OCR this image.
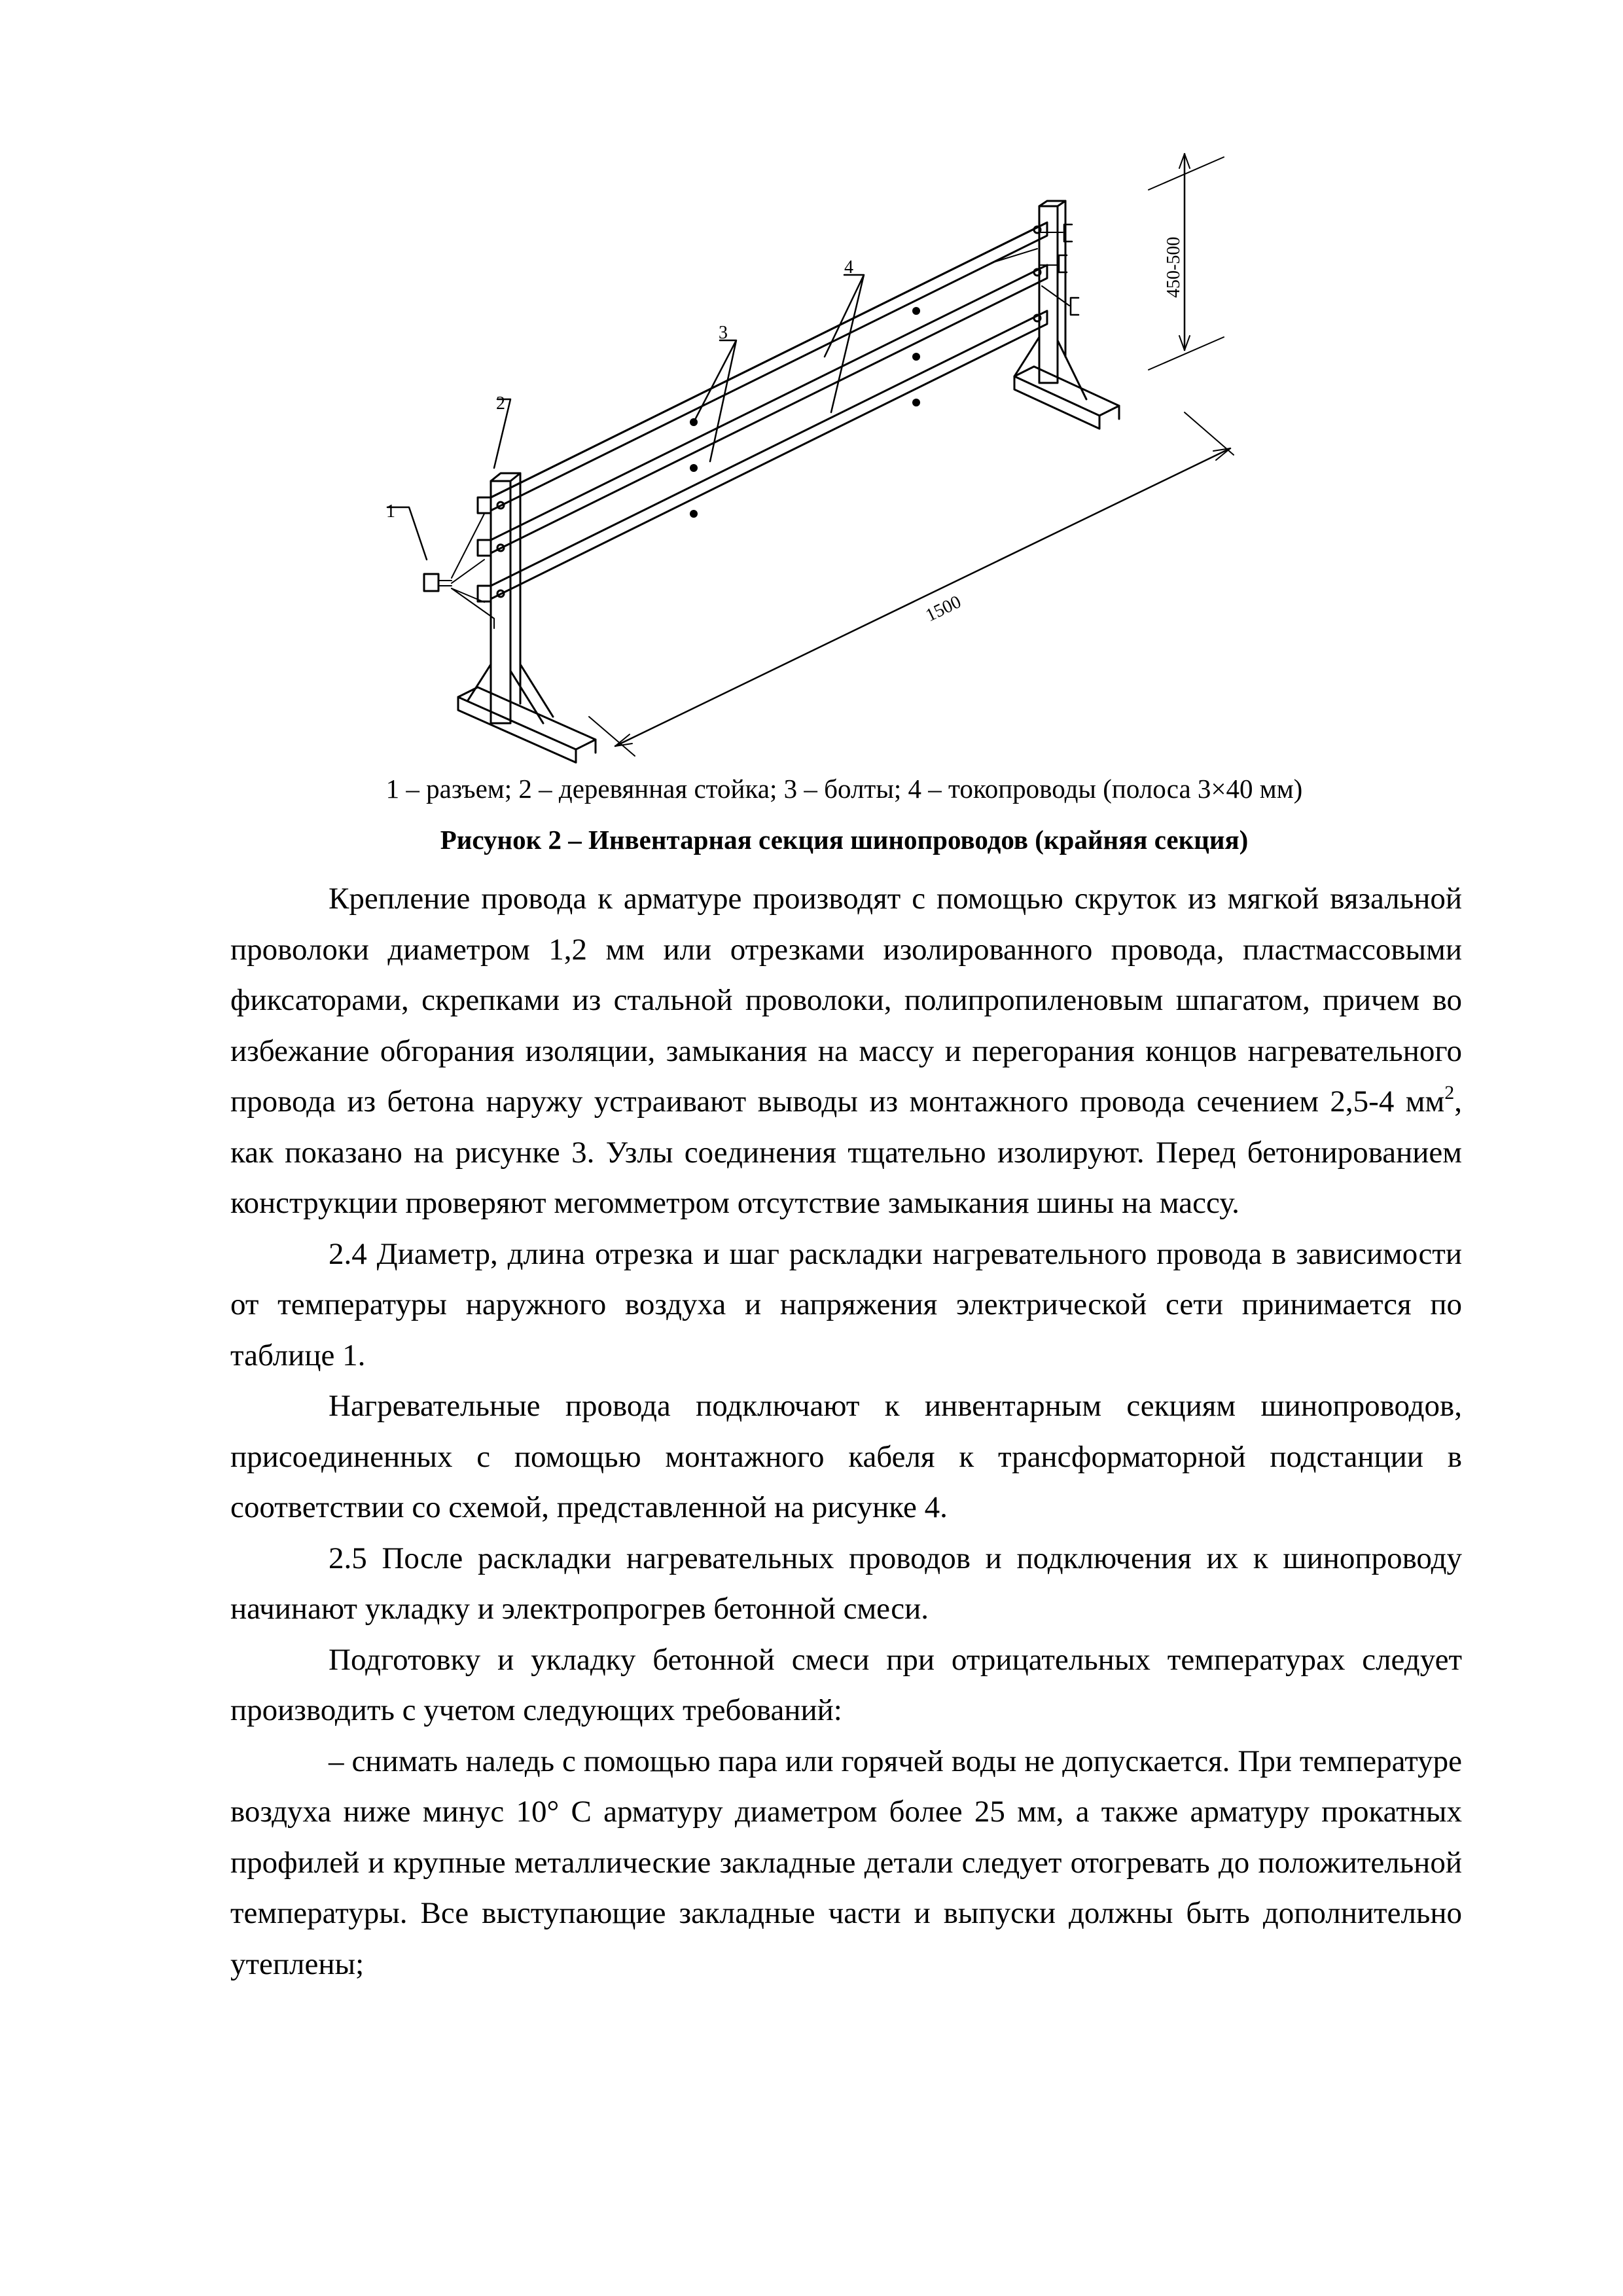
1
2
3
4
1500
450-500
1 – разъем; 2 – деревянная стойка; 3 – болты; 4 – токопроводы (полоса 3×40 мм)
Рисунок 2 – Инвентарная секция шинопроводов (крайняя секция)

Крепление провода к арматуре производят с помощью скруток из мягкой вязальной проволоки диаметром 1,2 мм или отрезками изолированного провода, пластмассовыми фиксаторами, скрепками из стальной проволоки, полипропиленовым шпагатом, причем во избежание обгорания изоляции, замыкания на массу и перегорания концов нагревательного провода из бетона наружу устраивают выводы из монтажного провода сечением 2,5-4 $мм^2$, как показано на рисунке 3. Узлы соединения тщательно изолируют. Перед бетонированием конструкции проверяют мегомметром отсутствие замыкания шины на массу.

2.4 Диаметр, длина отрезка и шаг раскладки нагревательного провода в зависимости от температуры наружного воздуха и напряжения электрической сети принимается по таблице 1.

Нагревательные провода подключают к инвентарным секциям шинопроводов, присоединенных с помощью монтажного кабеля к трансформаторной подстанции в соответствии со схемой, представленной на рисунке 4.

2.5 После раскладки нагревательных проводов и подключения их к шинопроводу начинают укладку и электропрогрев бетонной смеси.

Подготовку и укладку бетонной смеси при отрицательных температурах следует производить с учетом следующих требований:

– снимать наледь с помощью пара или горячей воды не допускается. При температуре воздуха ниже минус 10° С арматуру диаметром более 25 мм, а также арматуру прокатных профилей и крупные металлические закладные детали следует отогревать до положительной температуры. Все выступающие закладные части и выпуски должны быть дополнительно утеплены;
